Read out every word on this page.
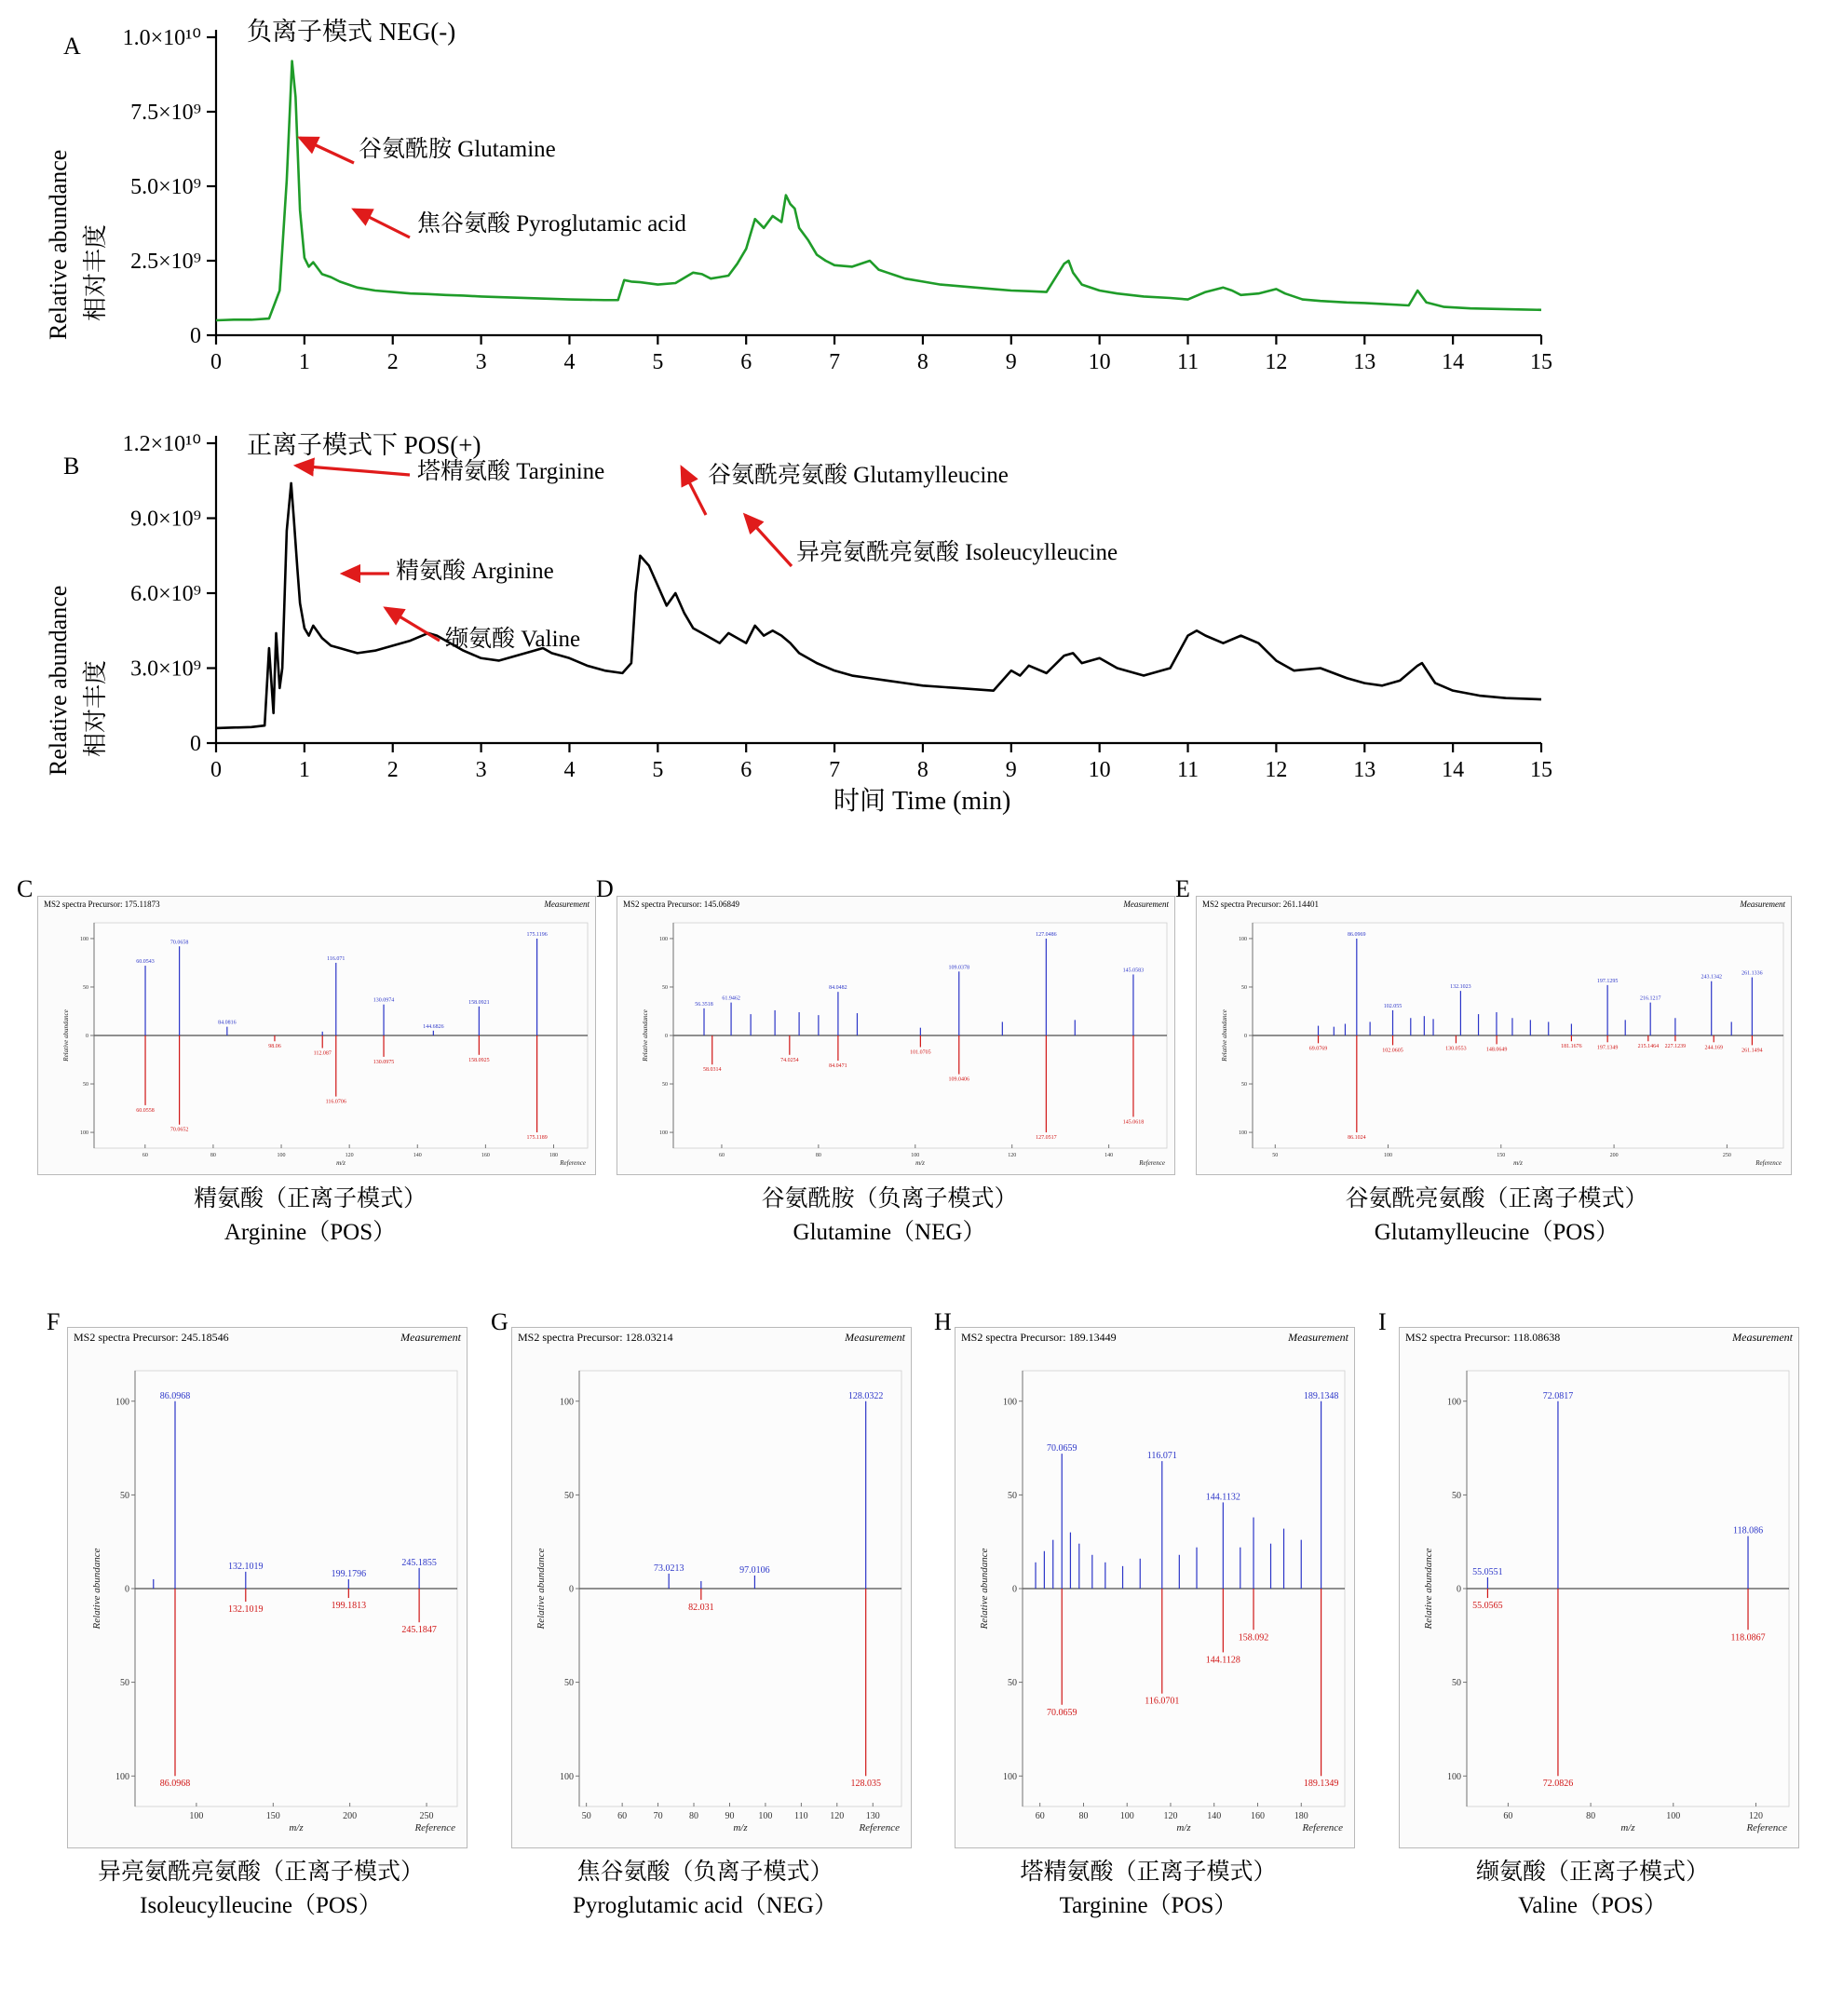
A
负离子模式 NEG(-)
相对丰度
Relative abundance	0
2.5×10⁹
5.0×10⁹
7.5×10⁹
1.0×10¹⁰
0	1	2	3	4	5	6	7	8	9	10	11	12	13	14	15
谷氨酰胺 Glutamine
焦谷氨酸 Pyroglutamic acid
B
正离子模式下 POS(+)
相对丰度
Relative abundance	0
3.0×10⁹
6.0×10⁹
9.0×10⁹
1.2×10¹⁰
0	1	2	3	4	5	6	7	8	9	10	11	12	13	14	15
塔精氨酸 Targinine
精氨酸 Arginine
缬氨酸 Valine
谷氨酰亮氨酸 Glutamylleucine
异亮氨酰亮氨酸 Isoleucylleucine
时间 Time (min)
C
MS2 spectra Precursor: 175.11873	Measurement
100
50
0
50
100
60	80	100	120	140	160	180
m/z
Relative abundance
Reference
60.0543
70.0658
84.0816
116.071
130.0974
144.6826
158.0921
175.1196
60.0558
70.0652
98.06
112.087
116.0706
130.0975	158.0925
175.1189
精氨酸（正离子模式）
Arginine（POS）
D
MS2 spectra Precursor: 145.06849	Measurement
100
50
0
50
100
60	80	100	120	140
m/z
Relative abundance
Reference
56.3518
61.9462
84.0482
109.0378
127.0486
145.0583
58.0314
74.0254
84.0471
101.0705
109.0406
127.0517
145.0618
谷氨酰胺（负离子模式）
Glutamine（NEG）
E
MS2 spectra Precursor: 261.14401	Measurement
100
50
0
50
100
50	100	150	200	250
m/z
Relative abundance
Reference
86.0969
102.055
132.1023
197.1295
216.1217
243.1342
261.1336
69.0769
86.1024
102.0605	130.0553	148.0649
181.1676	197.1349	215.1464 227.1239	244.169
261.1494
谷氨酰亮氨酸（正离子模式）
Glutamylleucine（POS）
F
MS2 spectra Precursor: 245.18546	Measurement
100
50
0
50
100
100	150	200	250
m/z
Relative abundance
Reference
86.0968
132.1019
199.1796
245.1855
86.0968
132.1019	199.1813
245.1847
异亮氨酰亮氨酸（正离子模式）
Isoleucylleucine（POS）
G
MS2 spectra Precursor: 128.03214	Measurement
100
50
0
50
100
50	60	70	80	90	100 110 120 130
m/z
Relative abundance
Reference
73.0213	97.0106
128.0322
82.031
128.035
焦谷氨酸（负离子模式）
Pyroglutamic acid（NEG）
H
MS2 spectra Precursor: 189.13449	Measurement
100
50
0
50
100
60	80	100	120	140	160	180
m/z
Relative abundance
Reference
70.0659
116.071
144.1132
189.1348
70.0659
116.0701
144.1128
158.092
189.1349
塔精氨酸（正离子模式）
Targinine（POS）
I
MS2 spectra Precursor: 118.08638	Measurement
100
50
0
50
100
60	80	100	120
m/z
Relative abundance
Reference
55.0551
72.0817
118.086
55.0565
72.0826
118.0867
缬氨酸（正离子模式）
Valine（POS）
